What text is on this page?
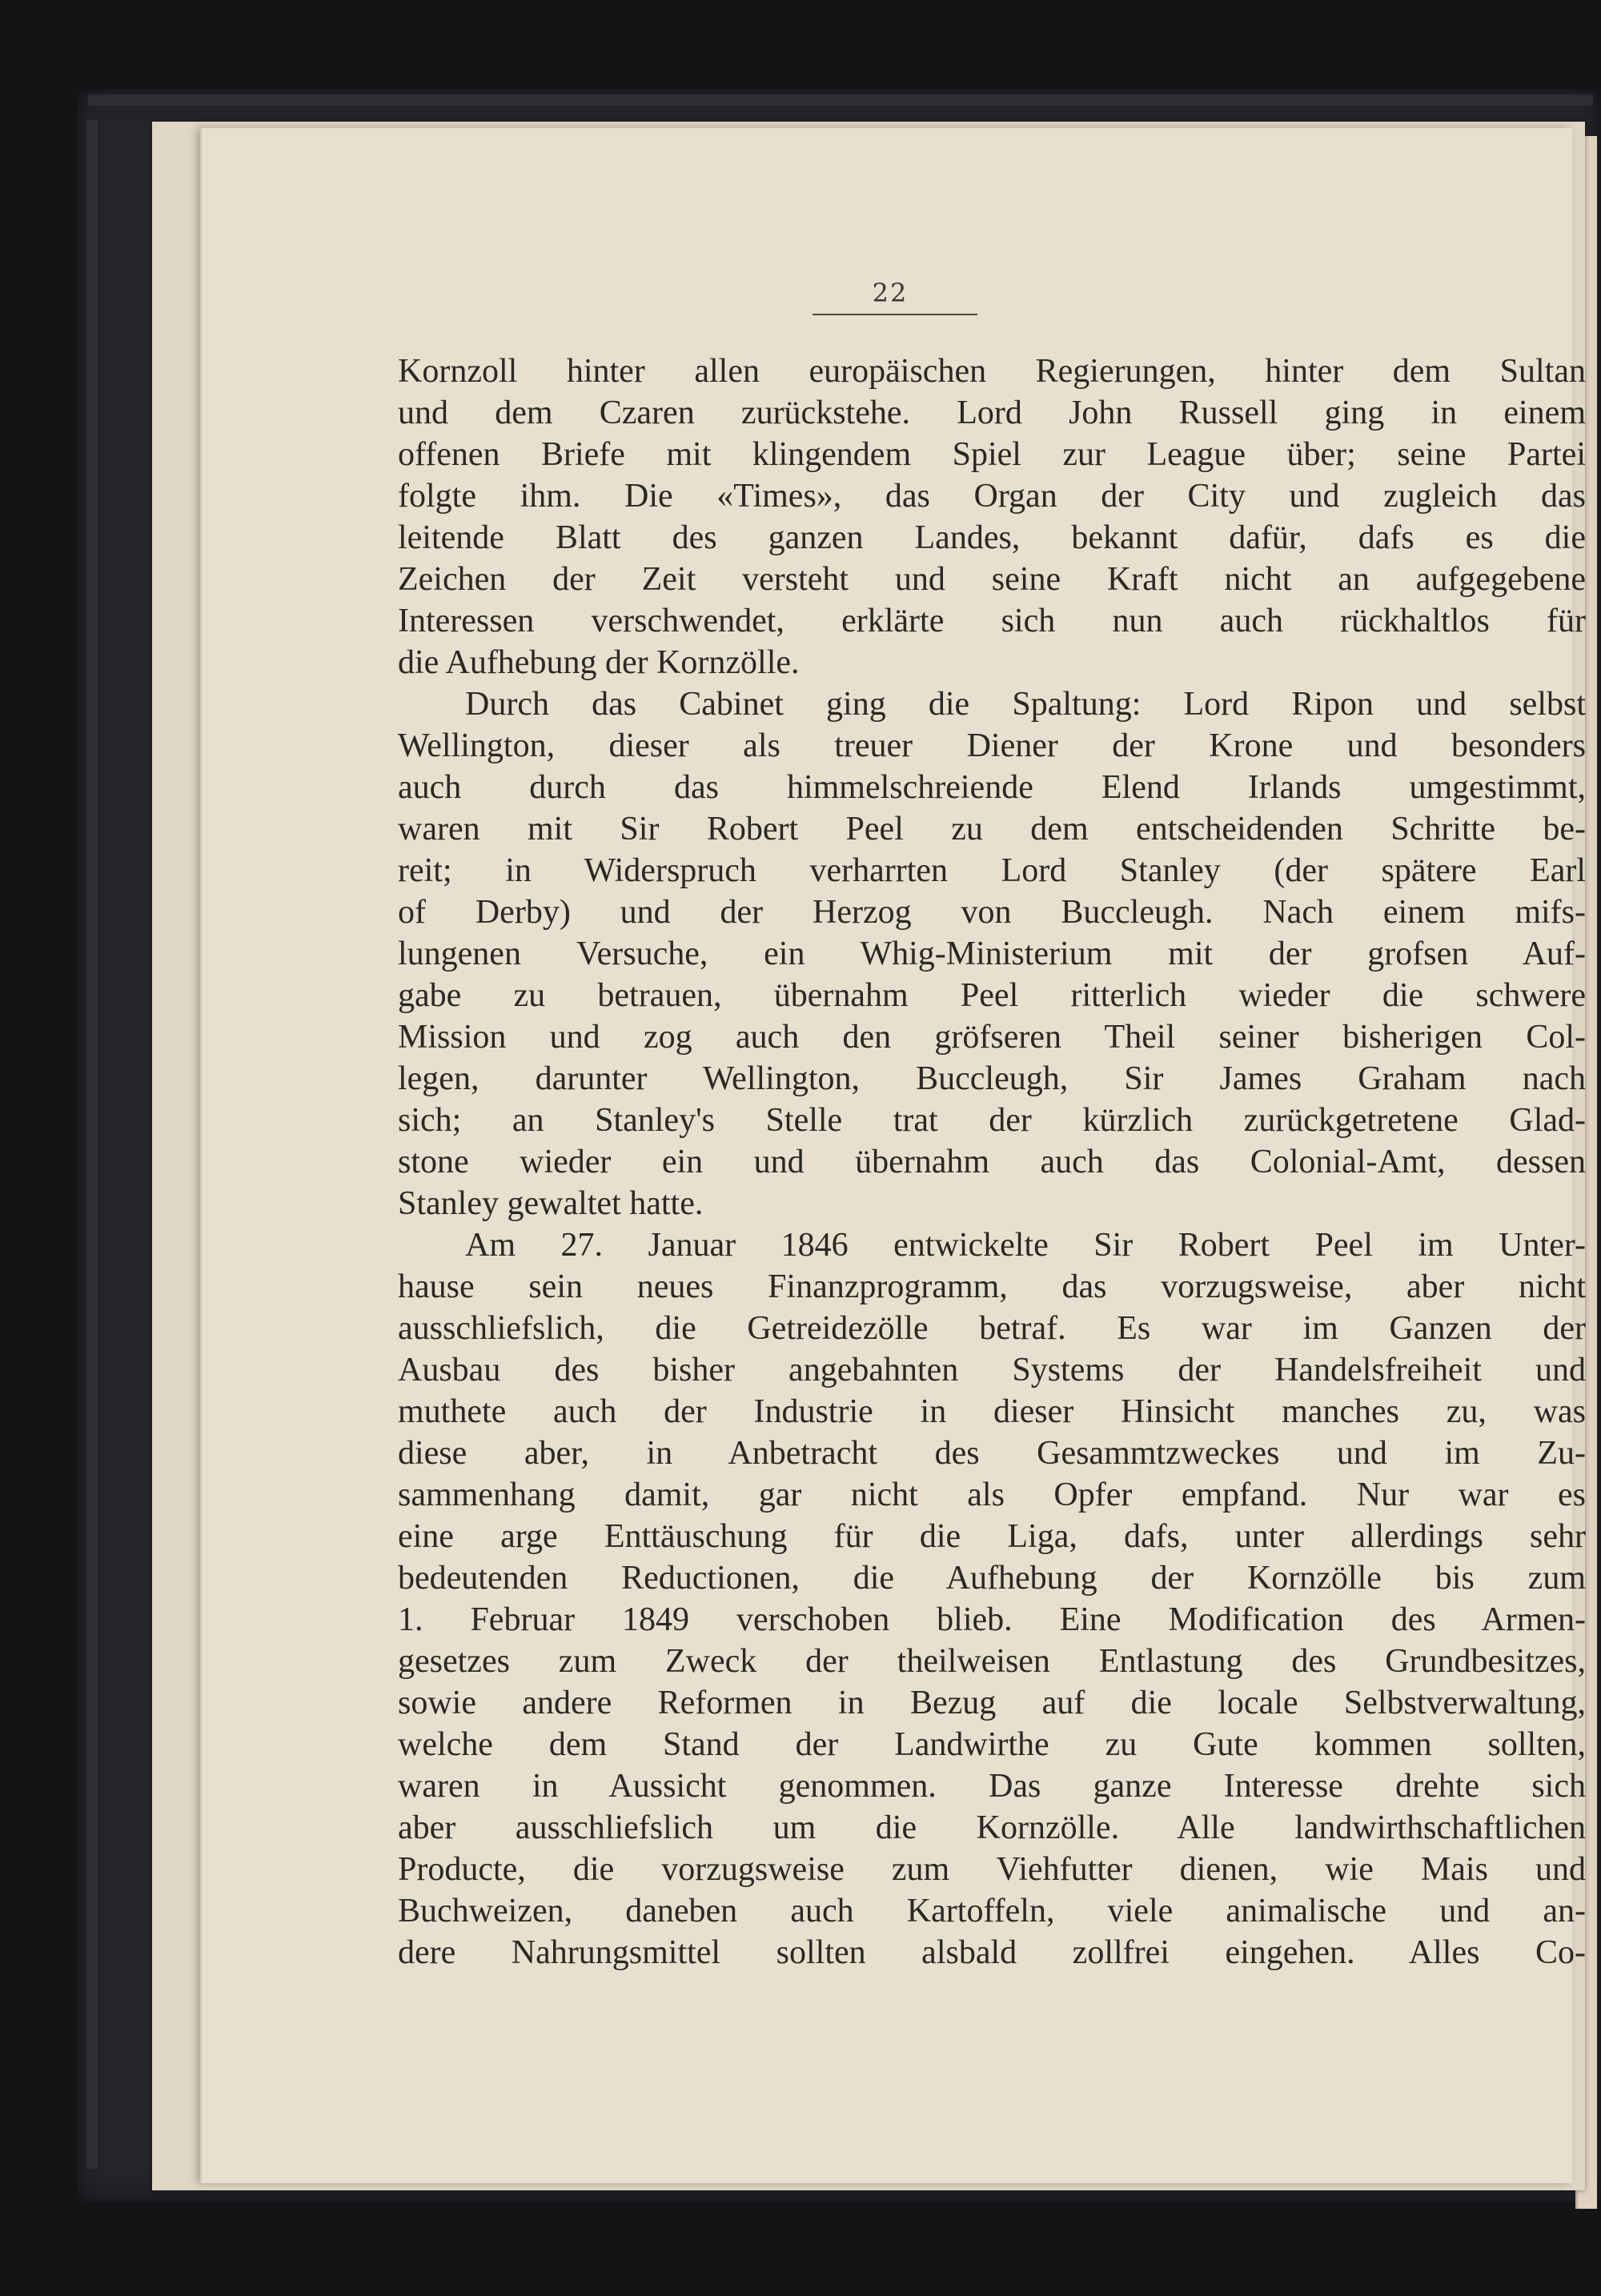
22
Kornzoll hinter allen europäischen Regierungen, hinter dem Sultan
und dem Czaren zurückstehe. Lord John Russell ging in einem
offenen Briefe mit klingendem Spiel zur League über; seine Partei
folgte ihm. Die «Times», das Organ der City und zugleich das
leitende Blatt des ganzen Landes, bekannt dafür, dafs es die
Zeichen der Zeit versteht und seine Kraft nicht an aufgegebene
Interessen verschwendet, erklärte sich nun auch rückhaltlos für
die Aufhebung der Kornzölle.
Durch das Cabinet ging die Spaltung: Lord Ripon und selbst
Wellington, dieser als treuer Diener der Krone und besonders
auch durch das himmelschreiende Elend Irlands umgestimmt,
waren mit Sir Robert Peel zu dem entscheidenden Schritte be-
reit; in Widerspruch verharrten Lord Stanley (der spätere Earl
of Derby) und der Herzog von Buccleugh. Nach einem mifs-
lungenen Versuche, ein Whig-Ministerium mit der grofsen Auf-
gabe zu betrauen, übernahm Peel ritterlich wieder die schwere
Mission und zog auch den gröfseren Theil seiner bisherigen Col-
legen, darunter Wellington, Buccleugh, Sir James Graham nach
sich; an Stanley's Stelle trat der kürzlich zurückgetretene Glad-
stone wieder ein und übernahm auch das Colonial-Amt, dessen
Stanley gewaltet hatte.
Am 27. Januar 1846 entwickelte Sir Robert Peel im Unter-
hause sein neues Finanzprogramm, das vorzugsweise, aber nicht
ausschliefslich, die Getreidezölle betraf. Es war im Ganzen der
Ausbau des bisher angebahnten Systems der Handelsfreiheit und
muthete auch der Industrie in dieser Hinsicht manches zu, was
diese aber, in Anbetracht des Gesammtzweckes und im Zu-
sammenhang damit, gar nicht als Opfer empfand. Nur war es
eine arge Enttäuschung für die Liga, dafs, unter allerdings sehr
bedeutenden Reductionen, die Aufhebung der Kornzölle bis zum
1. Februar 1849 verschoben blieb. Eine Modification des Armen-
gesetzes zum Zweck der theilweisen Entlastung des Grundbesitzes,
sowie andere Reformen in Bezug auf die locale Selbstverwaltung,
welche dem Stand der Landwirthe zu Gute kommen sollten,
waren in Aussicht genommen. Das ganze Interesse drehte sich
aber ausschliefslich um die Kornzölle. Alle landwirthschaftlichen
Producte, die vorzugsweise zum Viehfutter dienen, wie Mais und
Buchweizen, daneben auch Kartoffeln, viele animalische und an-
dere Nahrungsmittel sollten alsbald zollfrei eingehen. Alles Co-
